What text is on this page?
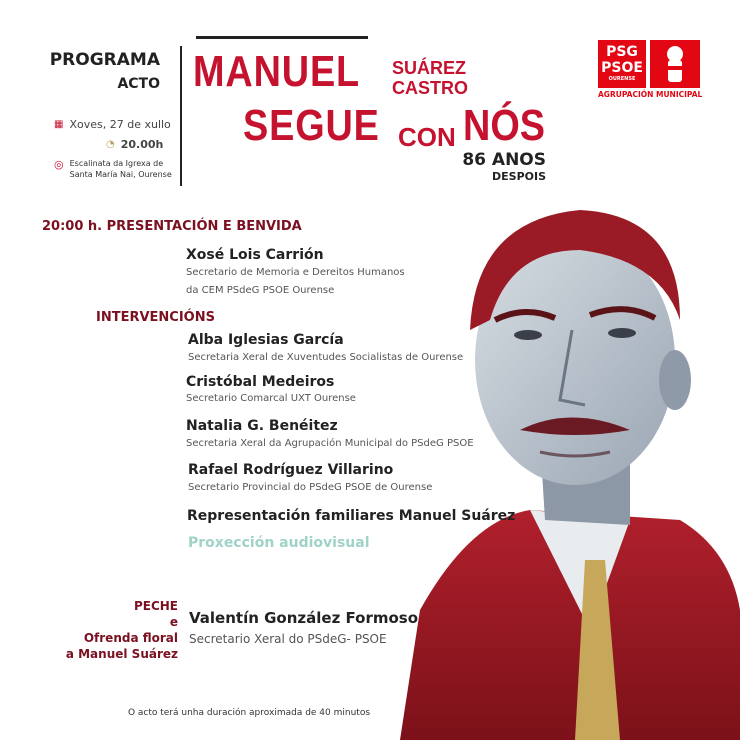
PROGRAMA
ACTO
▦ Xoves, 27 de xullo
◔ 20.00h
◎ Escalinata da Igrexa de
Santa María Nai, Ourense
MANUEL SUÁREZ
CASTRO
SEGUE CON NÓS
86 ANOS
DESPOIS
PSG
PSOE
OURENSE
AGRUPACIÓN MUNICIPAL
20:00 h. PRESENTACIÓN E BENVIDA
Xosé Lois Carrión
Secretario de Memoria e Dereitos Humanos
da CEM PSdeG PSOE Ourense
INTERVENCIÓNS
Alba Iglesias García
Secretaria Xeral de Xuventudes Socialistas de Ourense
Cristóbal Medeiros
Secretario Comarcal UXT Ourense
Natalia G. Benéitez
Secretaria Xeral da Agrupación Municipal do PSdeG PSOE
Rafael Rodríguez Villarino
Secretario Provincial do PSdeG PSOE de Ourense
Representación familiares Manuel Suárez
Proxección audiovisual
PECHE
e
Ofrenda floral
a Manuel Suárez
Valentín González Formoso
Secretario Xeral do PSdeG- PSOE
O acto terá unha duración aproximada de 40 minutos
